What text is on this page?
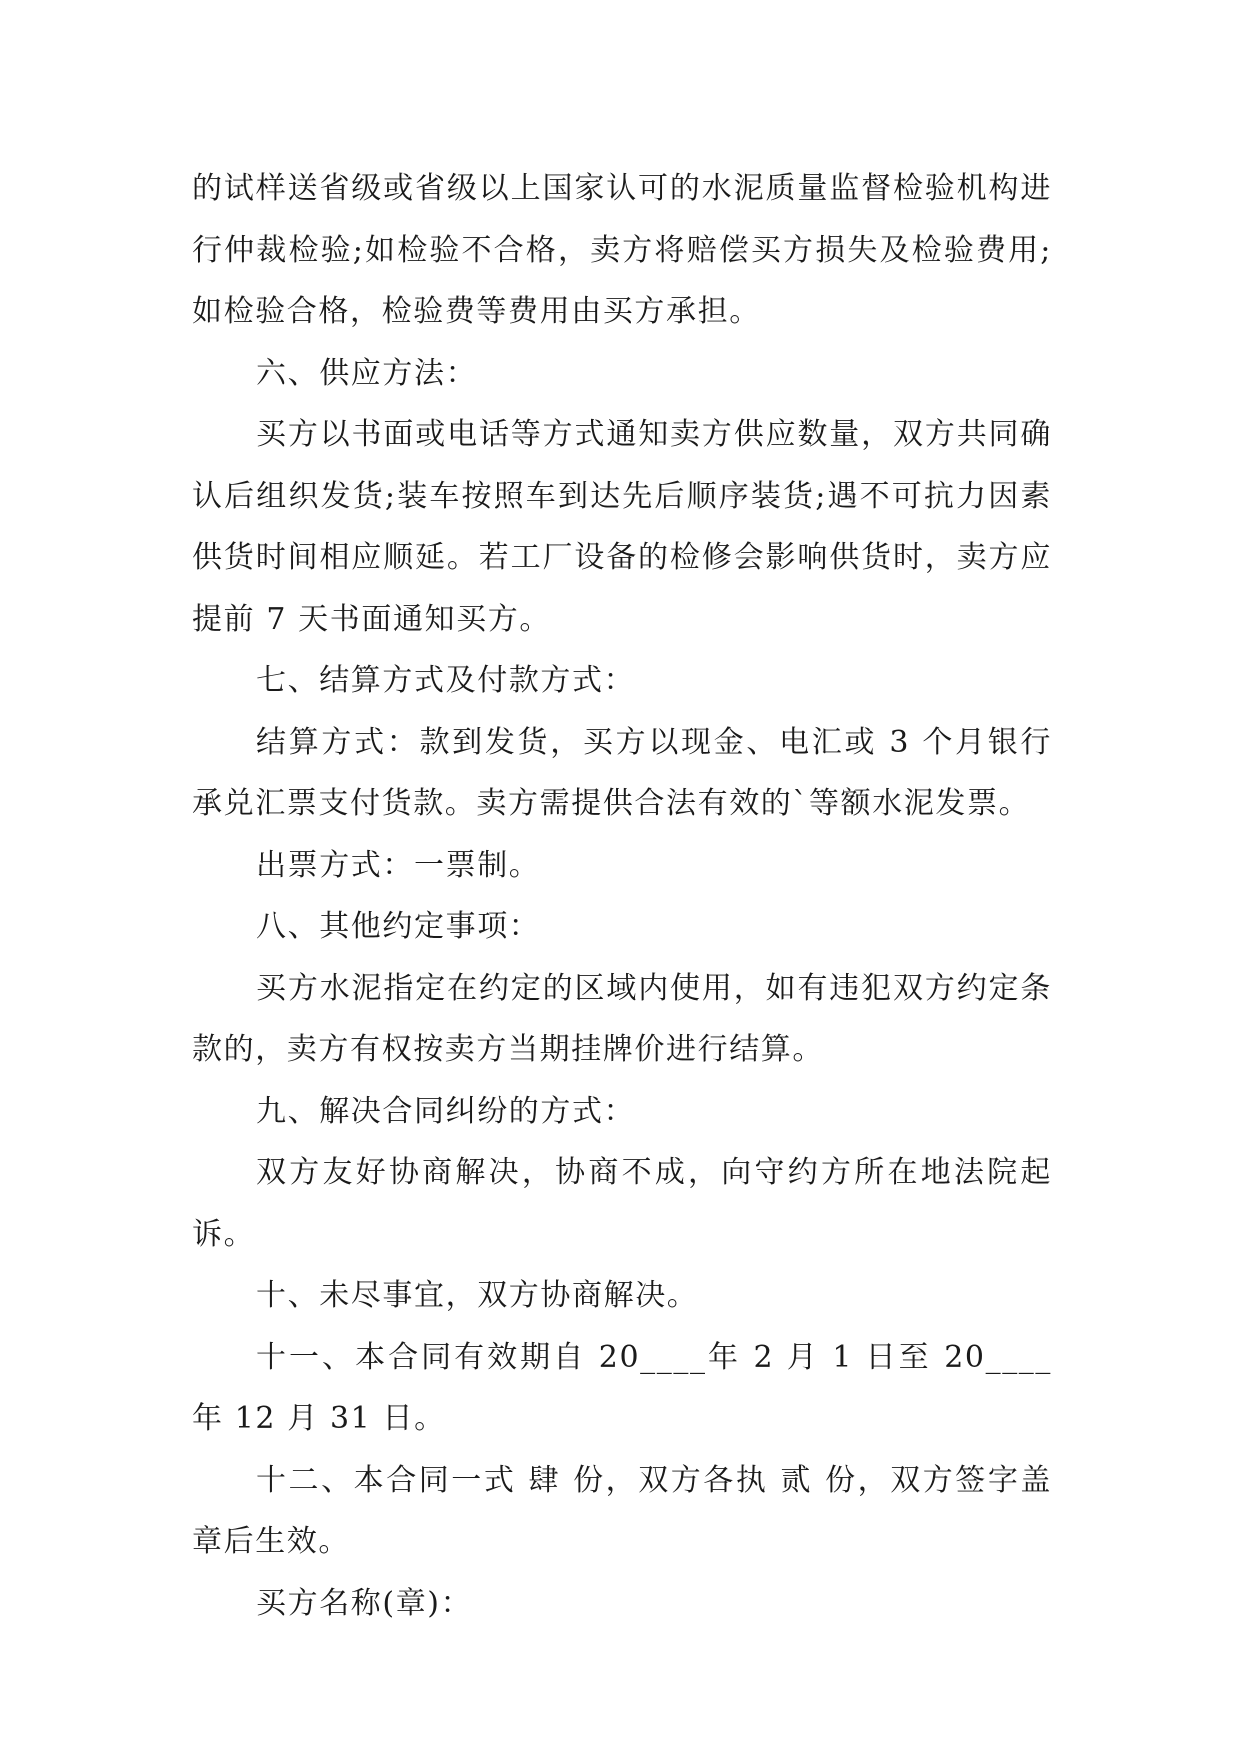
的试样送省级或省级以上国家认可的水泥质量监督检验机构进行仲裁检验;如检验不合格，卖方将赔偿买方损失及检验费用;如检验合格，检验费等费用由买方承担。

六、供应方法：

买方以书面或电话等方式通知卖方供应数量，双方共同确认后组织发货;装车按照车到达先后顺序装货;遇不可抗力因素供货时间相应顺延。若工厂设备的检修会影响供货时，卖方应提前 7 天书面通知买方。

七、结算方式及付款方式：

结算方式：款到发货，买方以现金、电汇或 3 个月银行承兑汇票支付货款。卖方需提供合法有效的`等额水泥发票。

出票方式：一票制。

八、其他约定事项：

买方水泥指定在约定的区域内使用，如有违犯双方约定条款的，卖方有权按卖方当期挂牌价进行结算。

九、解决合同纠纷的方式：

双方友好协商解决，协商不成，向守约方所在地法院起诉。

十、未尽事宜，双方协商解决。

十一、本合同有效期自 20____年 2 月 1 日至 20____年 12 月 31 日。

十二、本合同一式 肆 份，双方各执 贰 份，双方签字盖章后生效。

买方名称(章)：
